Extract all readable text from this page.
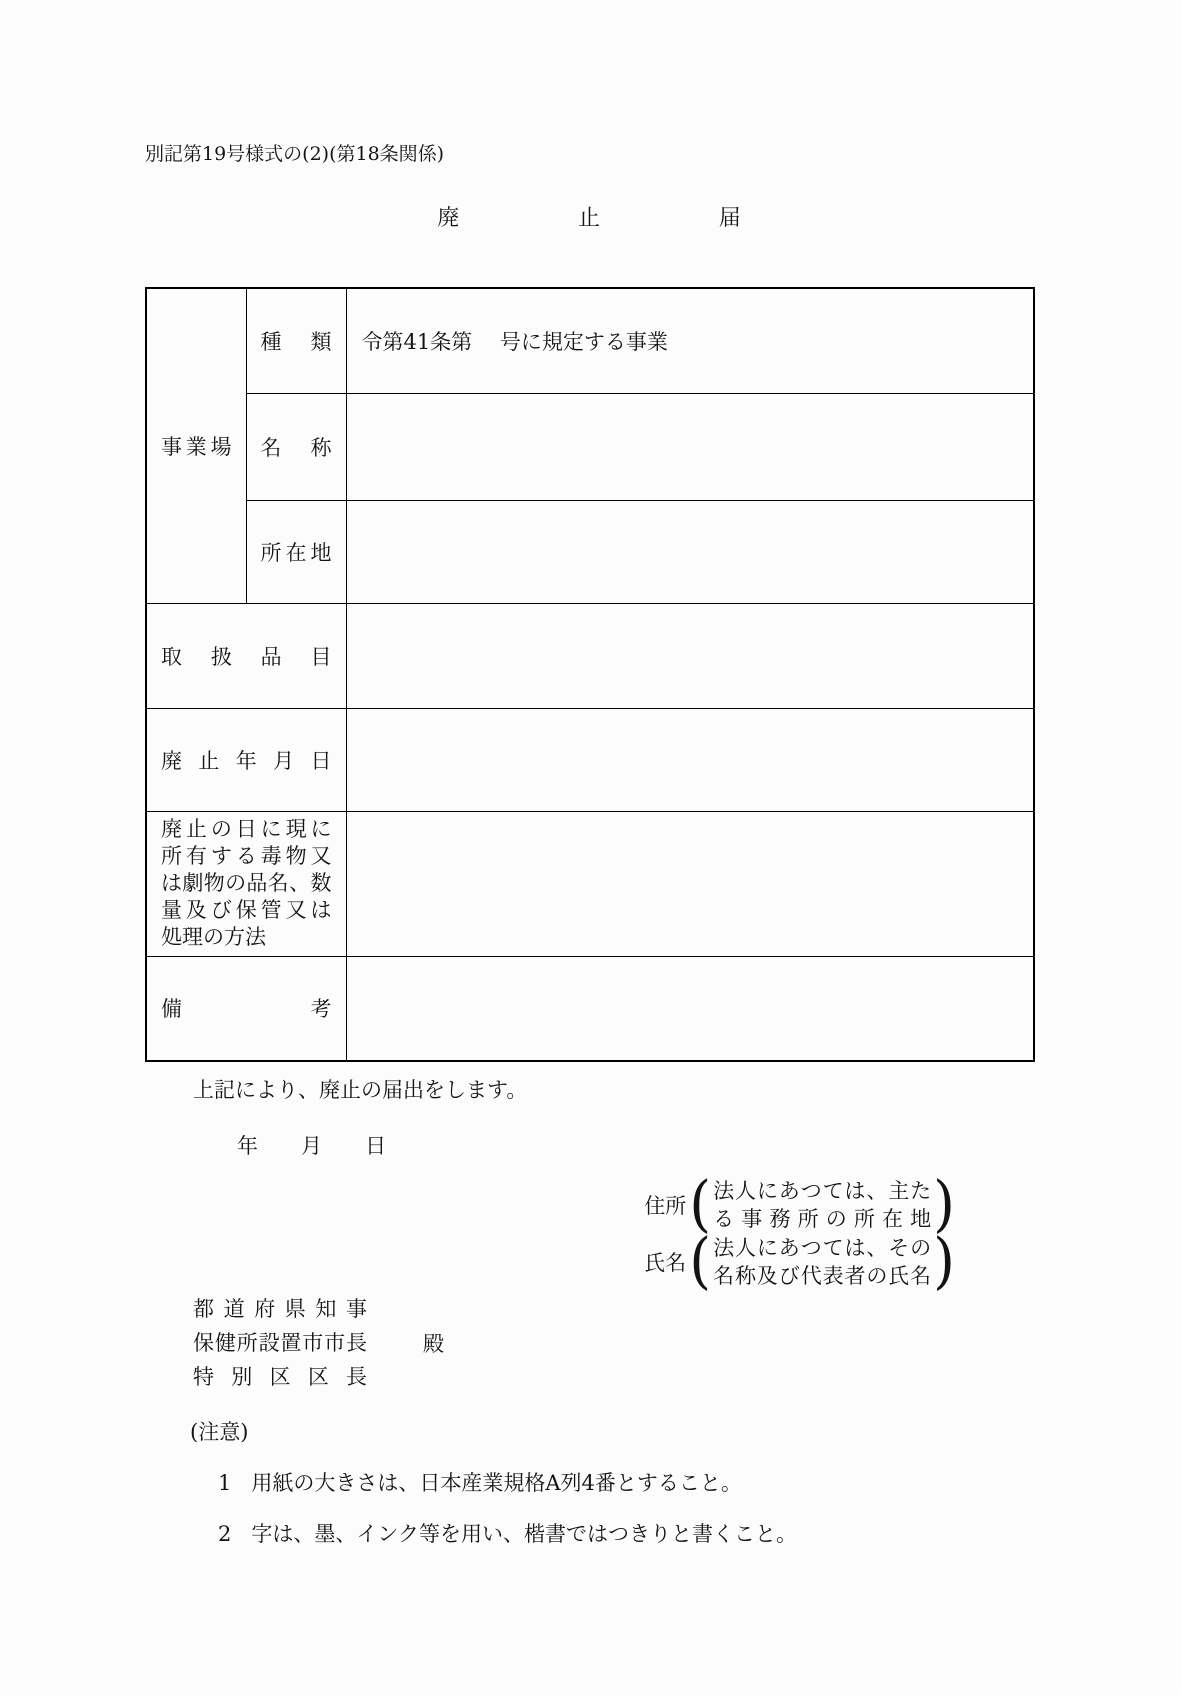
別記第19号様式の(2)(第18条関係)
廃止届
事業場	種類	令第41条第　 号に規定する事業
	名称	
	所在地	
取扱品目		
廃止年月日		

廃止の日に現に
所有する毒物又
は劇物の品名、数
量及び保管又は
処理の方法		

備考		
上記により、廃止の届出をします。
年月日
住所 ( 法人にあつては、主た
る事務所の所在地 )
氏名 ( 法人にあつては、その
名称及び代表者の氏名 )
都道府県知事
保健所設置市市長
特別区区長
殿
(注意)
1 用紙の大きさは、日本産業規格A列4番とすること。
2 字は、墨、インク等を用い、楷書ではつきりと書くこと。
